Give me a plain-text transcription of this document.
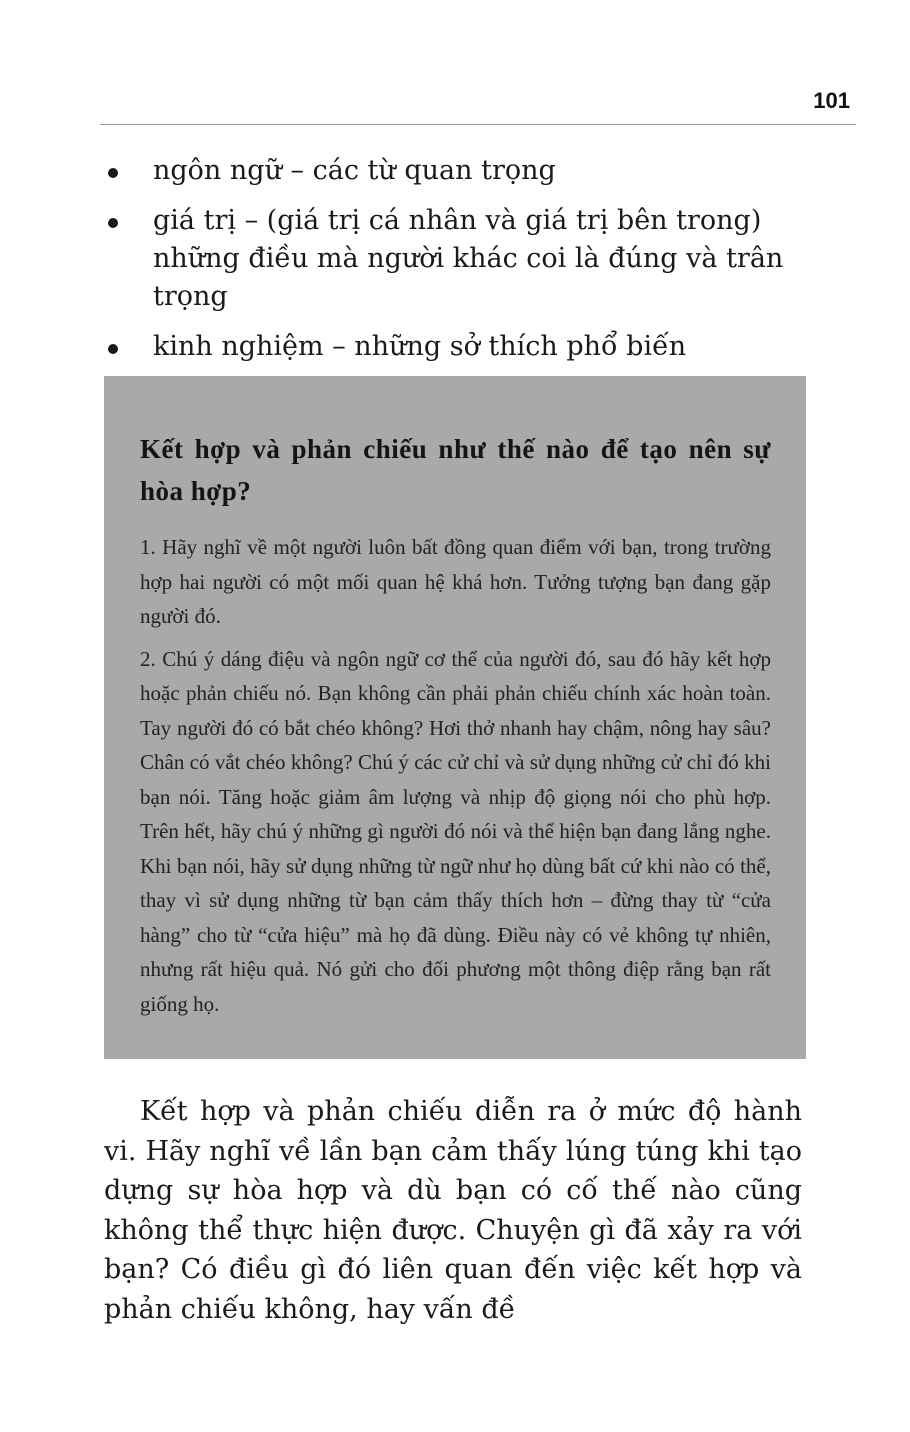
101
ngôn ngữ – các từ quan trọng
giá trị – (giá trị cá nhân và giá trị bên trong) những điều mà người khác coi là đúng và trân trọng
kinh nghiệm – những sở thích phổ biến

Kết hợp và phản chiếu như thế nào để tạo nên sự hòa hợp?

1. Hãy nghĩ về một người luôn bất đồng quan điểm với bạn, trong trường hợp hai người có một mối quan hệ khá hơn. Tưởng tượng bạn đang gặp người đó.

2. Chú ý dáng điệu và ngôn ngữ cơ thể của người đó, sau đó hãy kết hợp hoặc phản chiếu nó. Bạn không cần phải phản chiếu chính xác hoàn toàn. Tay người đó có bắt chéo không? Hơi thở nhanh hay chậm, nông hay sâu? Chân có vắt chéo không? Chú ý các cử chỉ và sử dụng những cử chỉ đó khi bạn nói. Tăng hoặc giảm âm lượng và nhịp độ giọng nói cho phù hợp. Trên hết, hãy chú ý những gì người đó nói và thể hiện bạn đang lắng nghe. Khi bạn nói, hãy sử dụng những từ ngữ như họ dùng bất cứ khi nào có thể, thay vì sử dụng những từ bạn cảm thấy thích hơn – đừng thay từ “cửa hàng” cho từ “cửa hiệu” mà họ đã dùng. Điều này có vẻ không tự nhiên, nhưng rất hiệu quả. Nó gửi cho đối phương một thông điệp rằng bạn rất giống họ.

Kết hợp và phản chiếu diễn ra ở mức độ hành vi. Hãy nghĩ về lần bạn cảm thấy lúng túng khi tạo dựng sự hòa hợp và dù bạn có cố thế nào cũng không thể thực hiện được. Chuyện gì đã xảy ra với bạn? Có điều gì đó liên quan đến việc kết hợp và phản chiếu không, hay vấn đề
